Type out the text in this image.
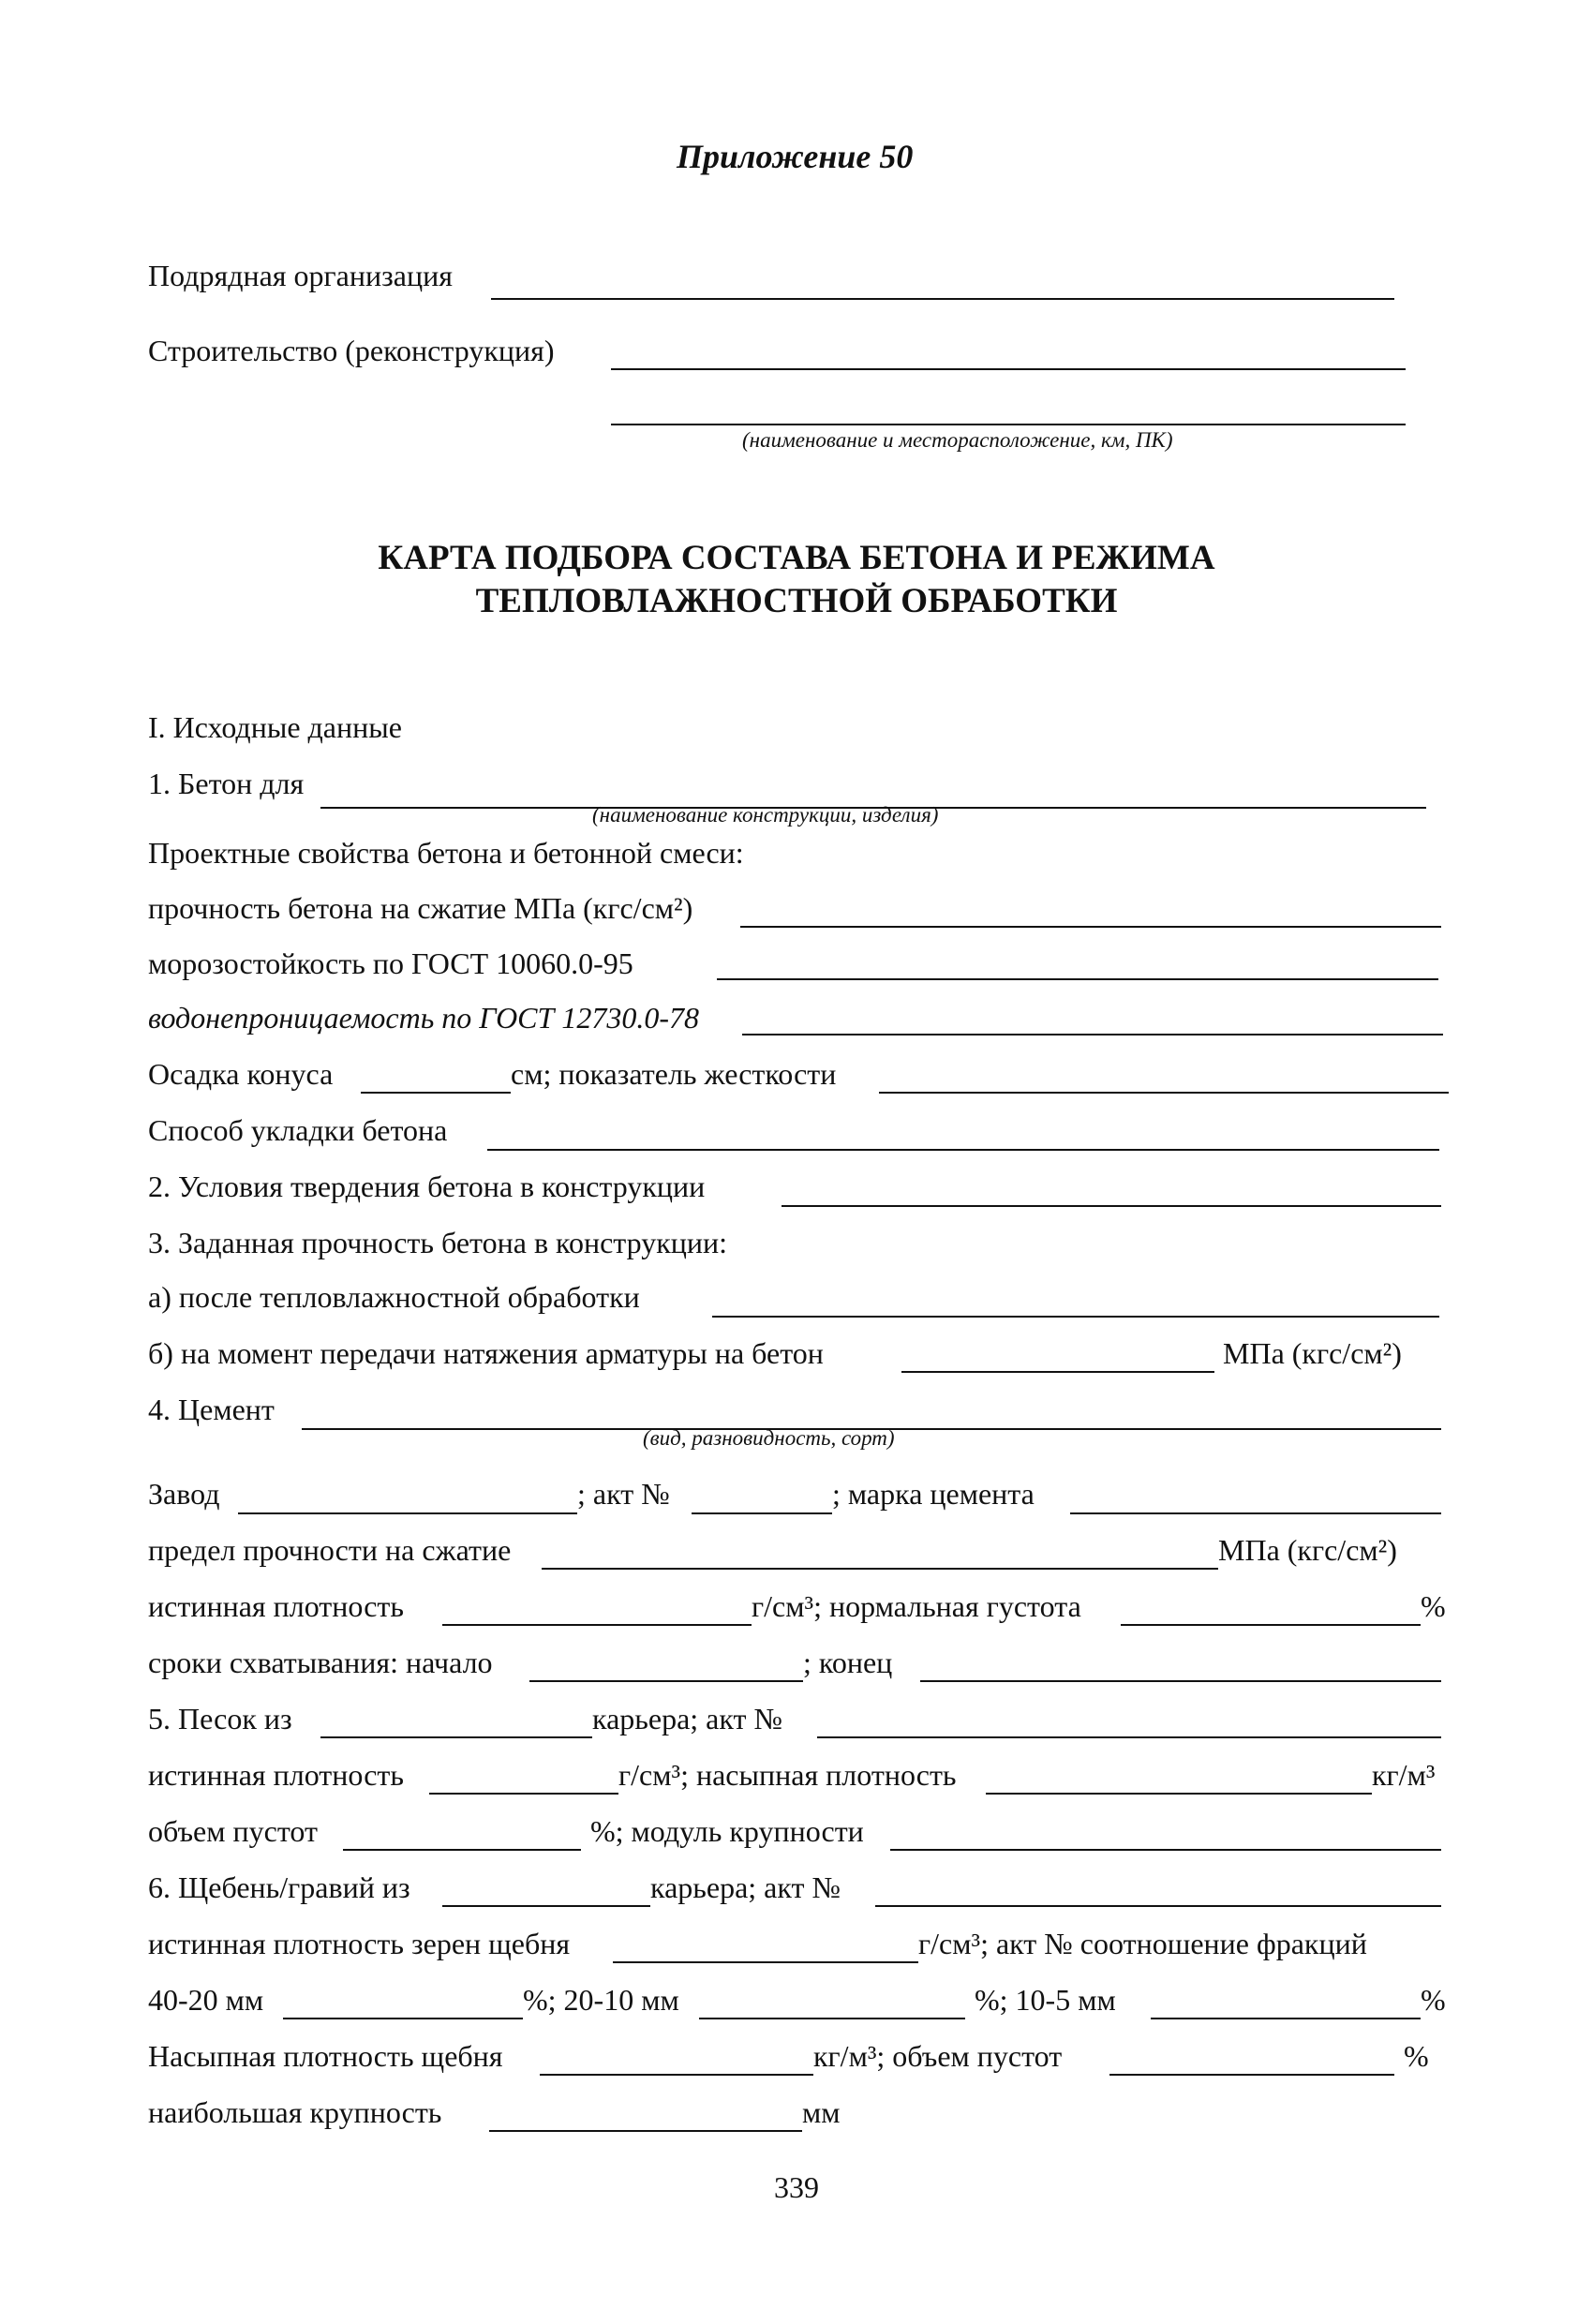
Приложение 50
Подрядная организация
Строительство (реконструкция)
(наименование и месторасположение, км, ПК)
КАРТА ПОДБОРА СОСТАВА БЕТОНА И РЕЖИМА
ТЕПЛОВЛАЖНОСТНОЙ ОБРАБОТКИ
I. Исходные данные
1. Бетон для
(наименование конструкции, изделия)
Проектные свойства бетона и бетонной смеси:
прочность бетона на сжатие МПа (кгс/см²)
морозостойкость по ГОСТ 10060.0-95
водонепроницаемость по ГОСТ 12730.0-78
Осадка конуса	см; показатель жесткости
Способ укладки бетона
2. Условия твердения бетона в конструкции
3. Заданная прочность бетона в конструкции:
а) после тепловлажностной обработки
б) на момент передачи натяжения арматуры на бетон	МПа (кгс/см²)
4. Цемент
(вид, разновидность, сорт)
Завод	; акт №	; марка цемента
предел прочности на сжатие	МПа (кгс/см²)
истинная плотность	г/см³; нормальная густота	%
сроки схватывания: начало	; конец
5. Песок из	карьера; акт №
истинная плотность	г/см³; насыпная плотность	кг/м³
объем пустот	%; модуль крупности
6. Щебень/гравий из	карьера; акт №
истинная плотность зерен щебня	г/см³; акт № соотношение фракций
40-20 мм	%; 20-10 мм	%; 10-5 мм	%
Насыпная плотность щебня	кг/м³; объем пустот	%
наибольшая крупность	мм
339
